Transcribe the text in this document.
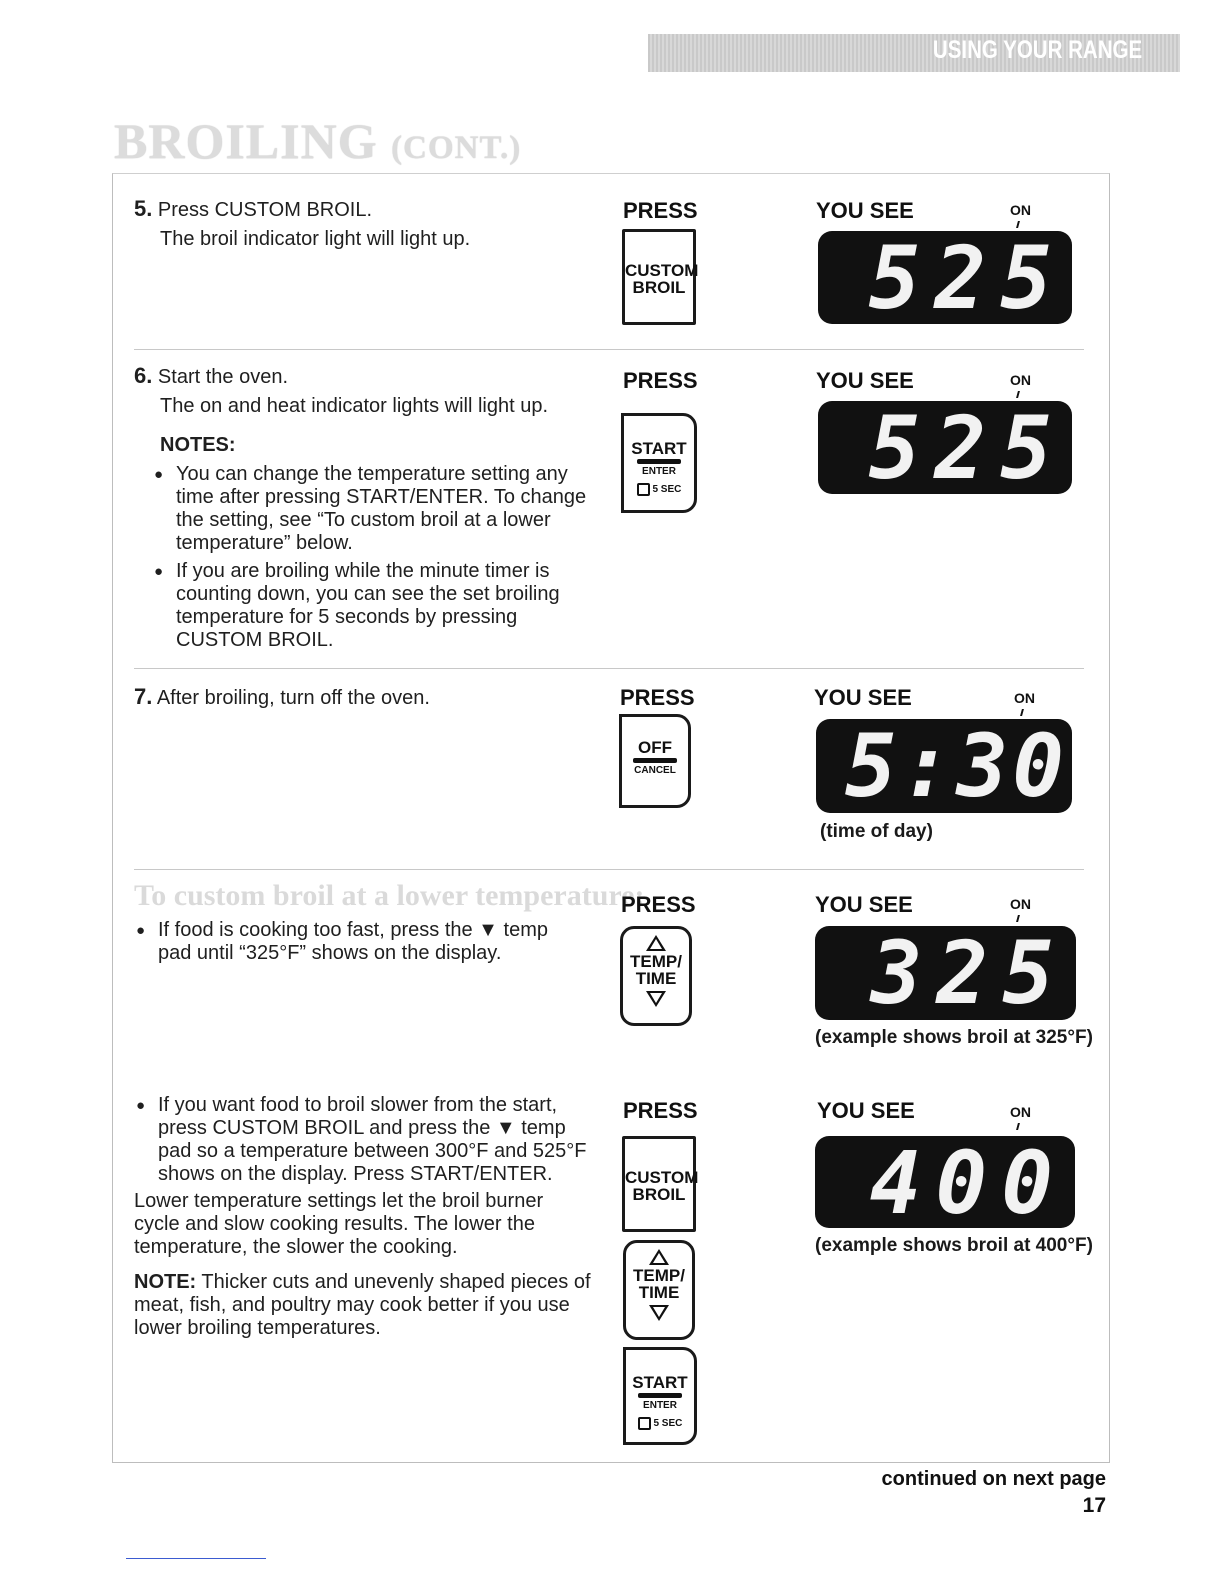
USING YOUR RANGE
BROILING (CONT.)
5. Press CUSTOM BROIL.
The broil indicator light will light up.
PRESS
CUSTOM
BROIL
YOU SEE	ON
525
6. Start the oven.
The on and heat indicator lights will light up.
NOTES:
● You can change the temperature setting any time after pressing START/ENTER. To change the setting, see “To custom broil at a lower temperature” below.
● If you are broiling while the minute timer is counting down, you can see the set broiling temperature for 5 seconds by pressing CUSTOM BROIL.
PRESS
START
ENTER
5 SEC
YOU SEE	ON
525
7. After broiling, turn off the oven.	PRESS
OFF
CANCEL
YOU SEE	ON
5:30
(time of day)
To custom broil at a lower temperature:
● If food is cooking too fast, press the ▼ temp pad until “325°F” shows on the display.
PRESS
TEMP/
TIME
YOU SEE	ON
325
(example shows broil at 325°F)
● If you want food to broil slower from the start, press CUSTOM BROIL and press the ▼ temp pad so a temperature between 300°F and 525°F shows on the display. Press START/ENTER.
Lower temperature settings let the broil burner cycle and slow cooking results. The lower the temperature, the slower the cooking.
NOTE: Thicker cuts and unevenly shaped pieces of meat, fish, and poultry may cook better if you use lower broiling temperatures.
PRESS
CUSTOM
BROIL
TEMP/
TIME
START
ENTER
5 SEC
YOU SEE	ON
400
(example shows broil at 400°F)
continued on next page
17
